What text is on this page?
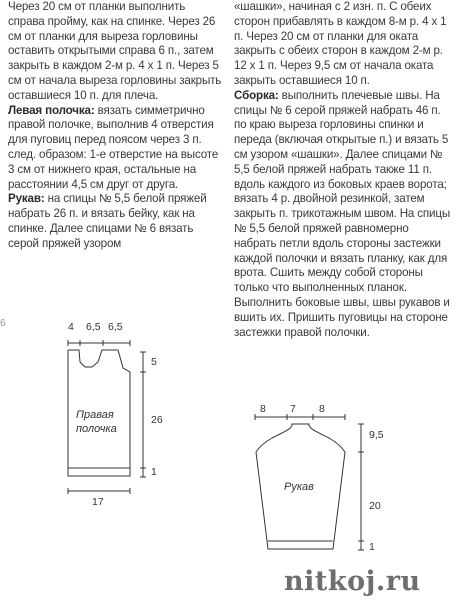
Через 20 см от планки выполнить справа пройму, как на спинке. Через 26 см от планки для выреза горловины оставить открытыми справа 6 п., затем закрыть в каждом 2-м р. 4 х 1 п. Через 5 см от начала выреза горловины закрыть оставшиеся 10 п. для плеча.

Левая полочка: вязать симметрично правой полочке, выполнив 4 отверстия для пуговиц перед поясом через 3 п. след. образом: 1-е отверстие на высоте 3 см от нижнего края, остальные на расстоянии 4,5 см друг от друга.

Рукав: на спицы № 5,5 белой пряжей набрать 26 п. и вязать бейку, как на спинке. Далее спицами № 6 вязать серой пряжей узором

«шашки», начиная с 2 изн. п. С обеих сторон прибавлять в каждом 8-м р. 4 х 1 п. Через 20 см от планки для оката закрыть с обеих сторон в каждом 2-м р. 12 х 1 п. Через 9,5 см от начала оката закрыть оставшиеся 10 п.

Сборка: выполнить плечевые швы. На спицы № 6 серой пряжей набрать 46 п. по краю выреза горловины спинки и переда (включая открытые п.) и вязать 5 см узором «шашки». Далее спицами № 5,5 белой пряжей набрать также 11 п. вдоль каждого из боковых краев ворота; вязать 4 р. двойной резинкой, затем закрыть п. трикотажным швом. На спицы № 5,5 белой пряжей равномерно набрать петли вдоль стороны застежки каждой полочки и вязать планку, как для врота. Сшить между собой стороны только что выполненных планок. Выполнить боковые швы, швы рукавов и вшить их. Пришить пуговицы на стороне застежки правой полочки.

4 6,5 6,5
5
26
1
17
Правая
полочка
8 7 8
9,5
20
1
Рукав
6
nitkoj.ru
